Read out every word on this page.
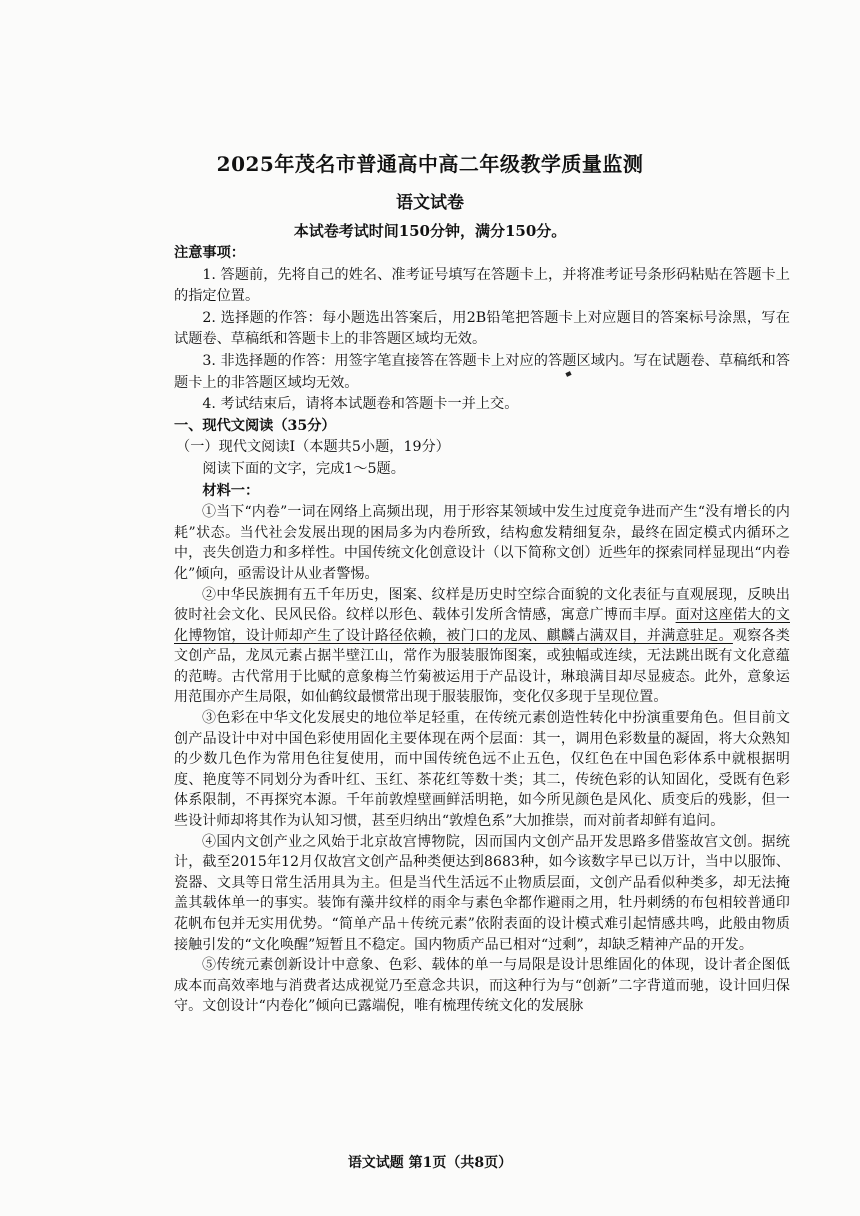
2025年茂名市普通高中高二年级教学质量监测
语文试卷
本试卷考试时间150分钟，满分150分。

注意事项：

1. 答题前，先将自己的姓名、准考证号填写在答题卡上，并将准考证号条形码粘贴在答题卡上的指定位置。

2. 选择题的作答：每小题选出答案后，用2B铅笔把答题卡上对应题目的答案标号涂黑，写在试题卷、草稿纸和答题卡上的非答题区域均无效。

3. 非选择题的作答：用签字笔直接答在答题卡上对应的答题区域内。写在试题卷、草稿纸和答题卡上的非答题区域均无效。

4. 考试结束后，请将本试题卷和答题卡一并上交。

一、现代文阅读（35分）

（一）现代文阅读Ⅰ（本题共5小题，19分）

阅读下面的文字，完成1～5题。

材料一：

①当下“内卷”一词在网络上高频出现，用于形容某领域中发生过度竞争进而产生“没有增长的内耗”状态。当代社会发展出现的困局多为内卷所致，结构愈发精细复杂，最终在固定模式内循环之中，丧失创造力和多样性。中国传统文化创意设计（以下简称文创）近些年的探索同样显现出“内卷化”倾向，亟需设计从业者警惕。

②中华民族拥有五千年历史，图案、纹样是历史时空综合面貌的文化表征与直观展现，反映出彼时社会文化、民风民俗。纹样以形色、载体引发所含情感，寓意广博而丰厚。面对这座偌大的文化博物馆，设计师却产生了设计路径依赖，被门口的龙凤、麒麟占满双目，并满意驻足。观察各类文创产品，龙凤元素占据半壁江山，常作为服装服饰图案，或独幅或连续，无法跳出既有文化意蕴的范畴。古代常用于比赋的意象梅兰竹菊被运用于产品设计，琳琅满目却尽显疲态。此外，意象运用范围亦产生局限，如仙鹤纹最惯常出现于服装服饰，变化仅多现于呈现位置。

③色彩在中华文化发展史的地位举足轻重，在传统元素创造性转化中扮演重要角色。但目前文创产品设计中对中国色彩使用固化主要体现在两个层面：其一，调用色彩数量的凝固，将大众熟知的少数几色作为常用色往复使用，而中国传统色远不止五色，仅红色在中国色彩体系中就根据明度、艳度等不同划分为香叶红、玉红、茶花红等数十类；其二，传统色彩的认知固化，受既有色彩体系限制，不再探究本源。千年前敦煌壁画鲜活明艳，如今所见颜色是风化、质变后的残影，但一些设计师却将其作为认知习惯，甚至归纳出“敦煌色系”大加推崇，而对前者却鲜有追问。

④国内文创产业之风始于北京故宫博物院，因而国内文创产品开发思路多借鉴故宫文创。据统计，截至2015年12月仅故宫文创产品种类便达到8683种，如今该数字早已以万计，当中以服饰、瓷器、文具等日常生活用具为主。但是当代生活远不止物质层面，文创产品看似种类多，却无法掩盖其载体单一的事实。装饰有藻井纹样的雨伞与素色伞都作避雨之用，牡丹刺绣的布包相较普通印花帆布包并无实用优势。“简单产品＋传统元素”依附表面的设计模式难引起情感共鸣，此般由物质接触引发的“文化唤醒”短暂且不稳定。国内物质产品已相对“过剩”，却缺乏精神产品的开发。

⑤传统元素创新设计中意象、色彩、载体的单一与局限是设计思维固化的体现，设计者企图低成本而高效率地与消费者达成视觉乃至意念共识，而这种行为与“创新”二字背道而驰，设计回归保守。文创设计“内卷化”倾向已露端倪，唯有梳理传统文化的发展脉

语文试题 第1页（共8页）
